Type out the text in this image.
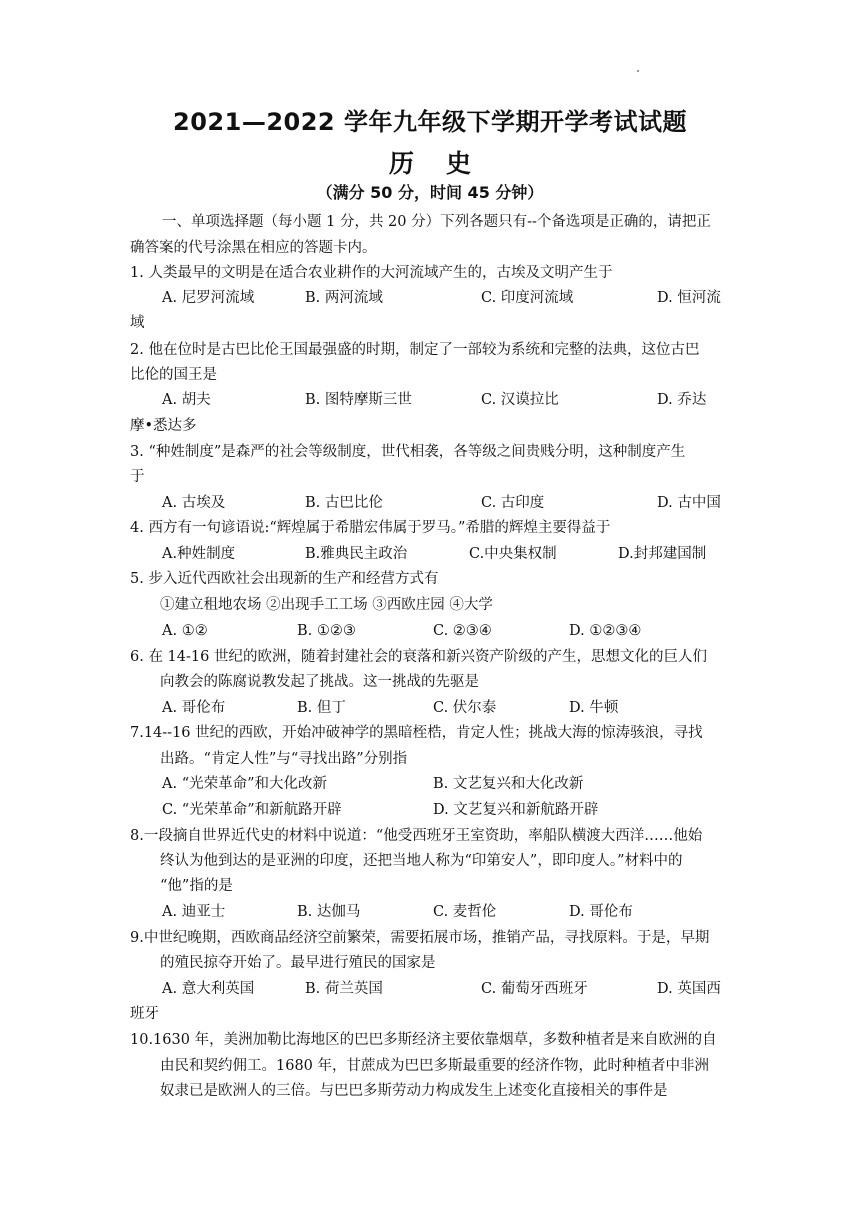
2021—2022 学年九年级下学期开学考试试题
历 史
（满分 50 分，时间 45 分钟）
一、单项选择题（每小题 1 分，共 20 分）下列各题只有--个备选项是正确的，请把正
确答案的代号涂黑在相应的答题卡内。
1. 人类最早的文明是在适合农业耕作的大河流域产生的，古埃及文明产生于
A. 尼罗河流域	B. 两河流域	C. 印度河流域	D. 恒河流
域
2. 他在位时是古巴比伦王国最强盛的时期，制定了一部较为系统和完整的法典，这位古巴
比伦的国王是
A. 胡夫	B. 图特摩斯三世	C. 汉谟拉比	D. 乔达
摩•悉达多
3. “种姓制度”是森严的社会等级制度，世代相袭，各等级之间贵贱分明，这种制度产生
于
A. 古埃及	B. 古巴比伦	C. 古印度	D. 古中国
4. 西方有一句谚语说:“辉煌属于希腊宏伟属于罗马。”希腊的辉煌主要得益于
A.种姓制度	B.雅典民主政治	C.中央集权制	D.封邦建国制
5. 步入近代西欧社会出现新的生产和经营方式有
①建立租地农场 ②出现手工工场 ③西欧庄园 ④大学
A. ①②	B. ①②③	C. ②③④	D. ①②③④
6. 在 14-16 世纪的欧洲，随着封建社会的衰落和新兴资产阶级的产生，思想文化的巨人们
向教会的陈腐说教发起了挑战。这一挑战的先驱是
A. 哥伦布	B. 但丁	C. 伏尔泰	D. 牛顿
7.14--16 世纪的西欧，开始冲破神学的黑暗桎梏，肯定人性；挑战大海的惊涛骇浪，寻找
出路。“肯定人性”与“寻找出路”分别指
A. “光荣革命”和大化改新	B. 文艺复兴和大化改新
C. “光荣革命”和新航路开辟	D. 文艺复兴和新航路开辟
8.一段摘自世界近代史的材料中说道：“他受西班牙王室资助，率船队横渡大西洋……他始
终认为他到达的是亚洲的印度，还把当地人称为“印第安人”，即印度人。”材料中的
“他”指的是
A. 迪亚士	B. 达伽马	C. 麦哲伦	D. 哥伦布
9.中世纪晚期，西欧商品经济空前繁荣，需要拓展市场，推销产品，寻找原料。于是，早期
的殖民掠夺开始了。最早进行殖民的国家是
A. 意大利英国	B. 荷兰英国	C. 葡萄牙西班牙	D. 英国西
班牙
10.1630 年，美洲加勒比海地区的巴巴多斯经济主要依靠烟草，多数种植者是来自欧洲的自
由民和契约佣工。1680 年，甘蔗成为巴巴多斯最重要的经济作物，此时种植者中非洲
奴隶已是欧洲人的三倍。与巴巴多斯劳动力构成发生上述变化直接相关的事件是
